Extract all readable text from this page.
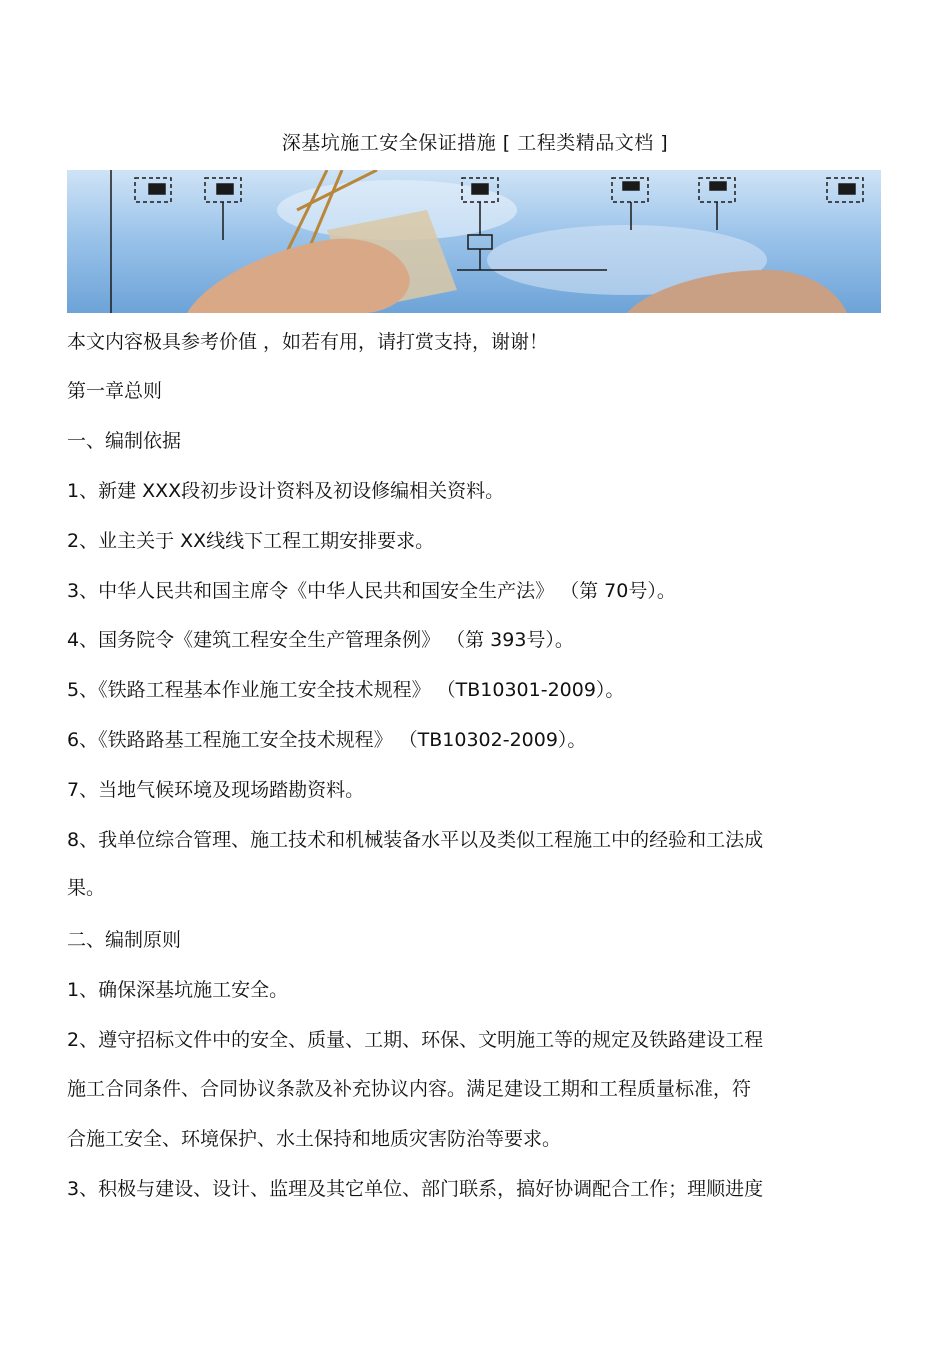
深基坑施工安全保证措施 [ 工程类精品文档 ]
本文内容极具参考价值 ，如若有用，请打赏支持，谢谢！
第一章总则
一、编制依据
1、新建 XXX段初步设计资料及初设修编相关资料。
2、业主关于 XX线线下工程工期安排要求。
3、中华人民共和国主席令《中华人民共和国安全生产法》 （第 70号）。
4、国务院令《建筑工程安全生产管理条例》 （第 393号）。
5、《铁路工程基本作业施工安全技术规程》 （TB10301-2009）。
6、《铁路路基工程施工安全技术规程》 （TB10302-2009）。
7、当地气候环境及现场踏勘资料。
8、我单位综合管理、施工技术和机械装备水平以及类似工程施工中的经验和工法成
果。
二、编制原则
1、确保深基坑施工安全。
2、遵守招标文件中的安全、质量、工期、环保、文明施工等的规定及铁路建设工程
施工合同条件、合同协议条款及补充协议内容。满足建设工期和工程质量标准，符
合施工安全、环境保护、水土保持和地质灾害防治等要求。
3、积极与建设、设计、监理及其它单位、部门联系，搞好协调配合工作；理顺进度
